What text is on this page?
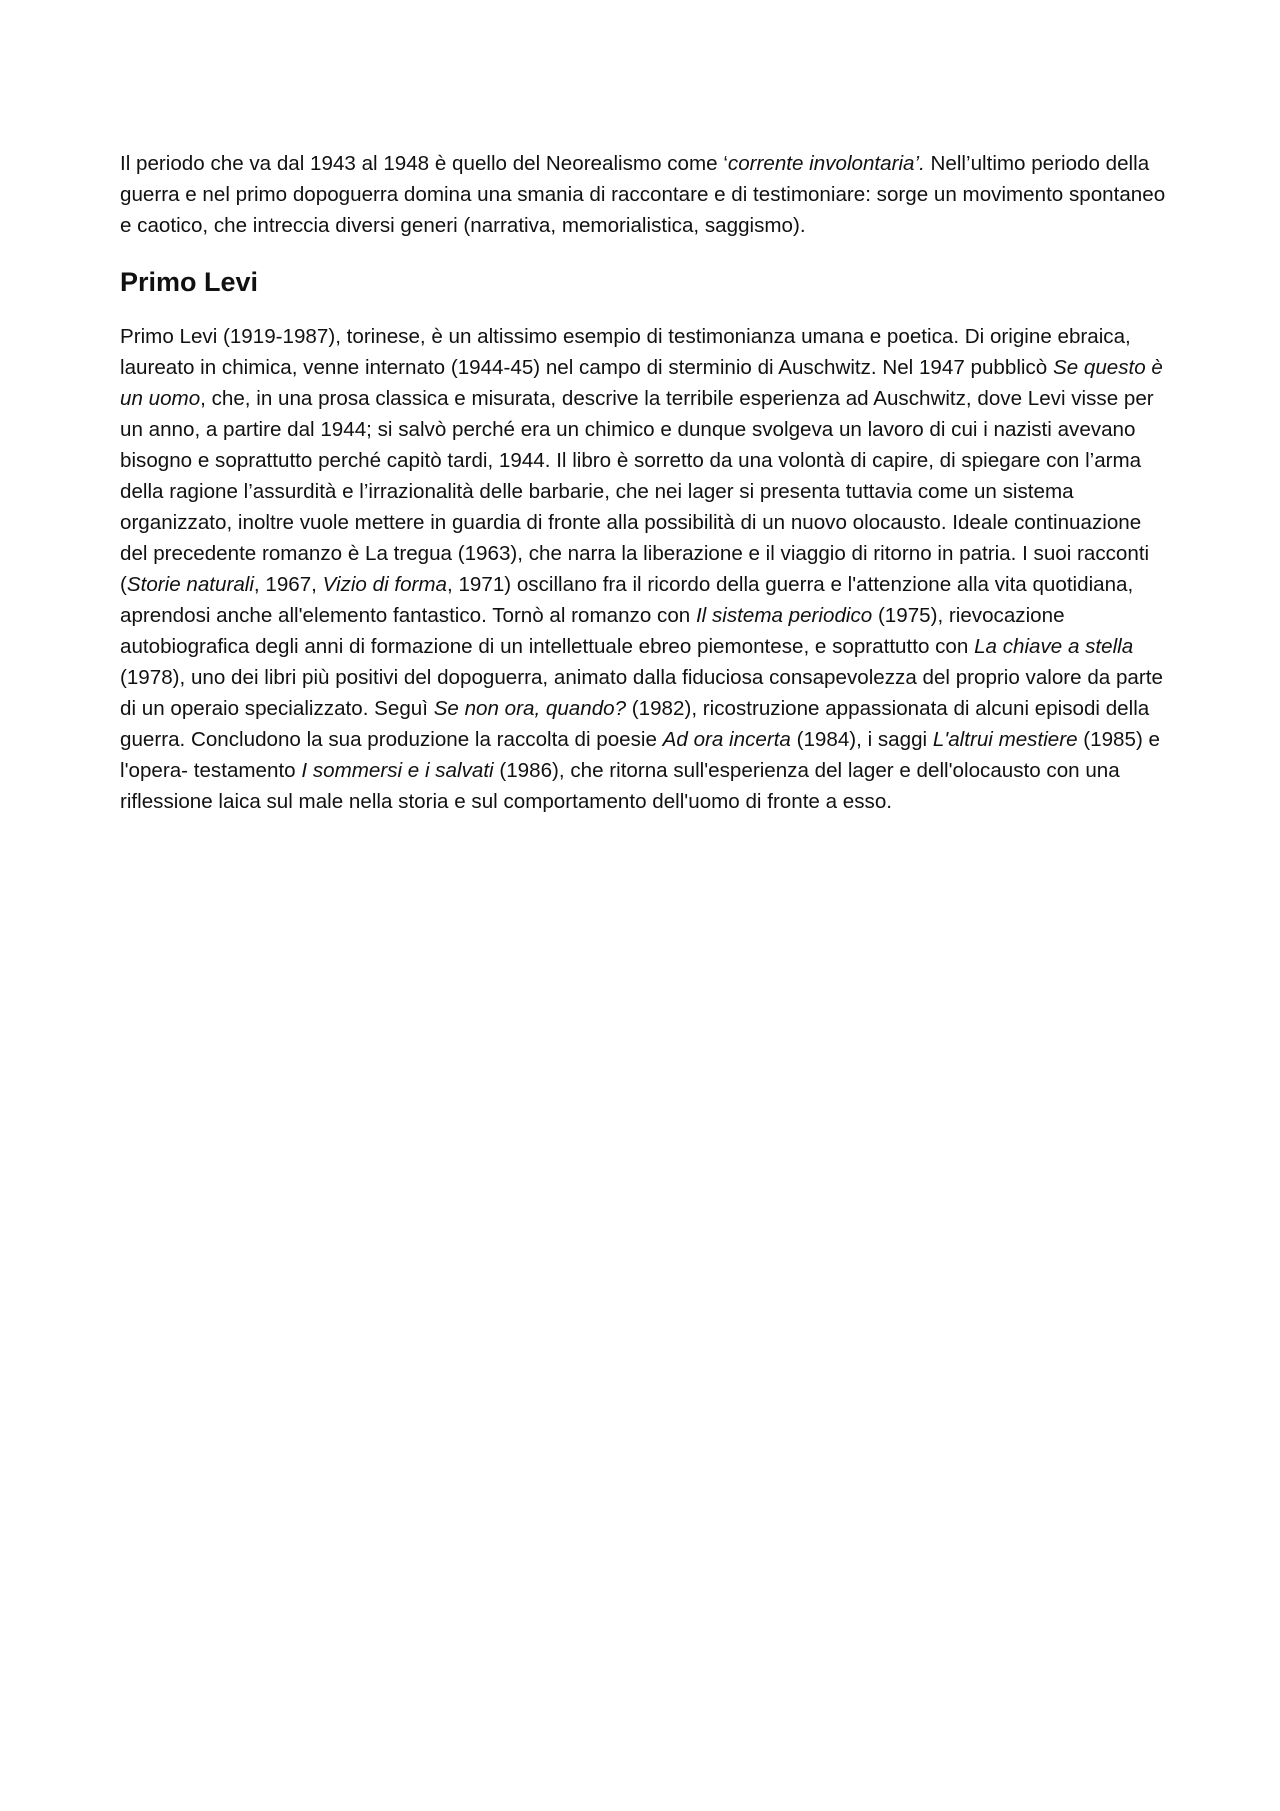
Il periodo che va dal 1943 al 1948 è quello del Neorealismo come ‘corrente involontaria’. Nell’ultimo periodo della guerra e nel primo dopoguerra domina una smania di raccontare e di testimoniare: sorge un movimento spontaneo e caotico, che intreccia diversi generi (narrativa, memorialistica, saggismo).

Primo Levi

Primo Levi (1919-1987), torinese, è un altissimo esempio di testimonianza umana e poetica. Di origine ebraica, laureato in chimica, venne internato (1944-45) nel campo di sterminio di Auschwitz. Nel 1947 pubblicò Se questo è un uomo, che, in una prosa classica e misurata, descrive la terribile esperienza ad Auschwitz, dove Levi visse per un anno, a partire dal 1944; si salvò perché era un chimico e dunque svolgeva un lavoro di cui i nazisti avevano bisogno e soprattutto perché capitò tardi, 1944. Il libro è sorretto da una volontà di capire, di spiegare con l’arma della ragione l’assurdità e l’irrazionalità delle barbarie, che nei lager si presenta tuttavia come un sistema organizzato, inoltre vuole mettere in guardia di fronte alla possibilità di un nuovo olocausto. Ideale continuazione del precedente romanzo è La tregua (1963), che narra la liberazione e il viaggio di ritorno in patria. I suoi racconti (Storie naturali, 1967, Vizio di forma, 1971) oscillano fra il ricordo della guerra e l'attenzione alla vita quotidiana, aprendosi anche all'elemento fantastico. Tornò al romanzo con Il sistema periodico (1975), rievocazione autobiografica degli anni di formazione di un intellettuale ebreo piemontese, e soprattutto con La chiave a stella (1978), uno dei libri più positivi del dopoguerra, animato dalla fiduciosa consapevolezza del proprio valore da parte di un operaio specializzato. Seguì Se non ora, quando? (1982), ricostruzione appassionata di alcuni episodi della guerra. Concludono la sua produzione la raccolta di poesie Ad ora incerta (1984), i saggi L'altrui mestiere (1985) e l'opera- testamento I sommersi e i salvati (1986), che ritorna sull'esperienza del lager e dell'olocausto con una riflessione laica sul male nella storia e sul comportamento dell'uomo di fronte a esso.
